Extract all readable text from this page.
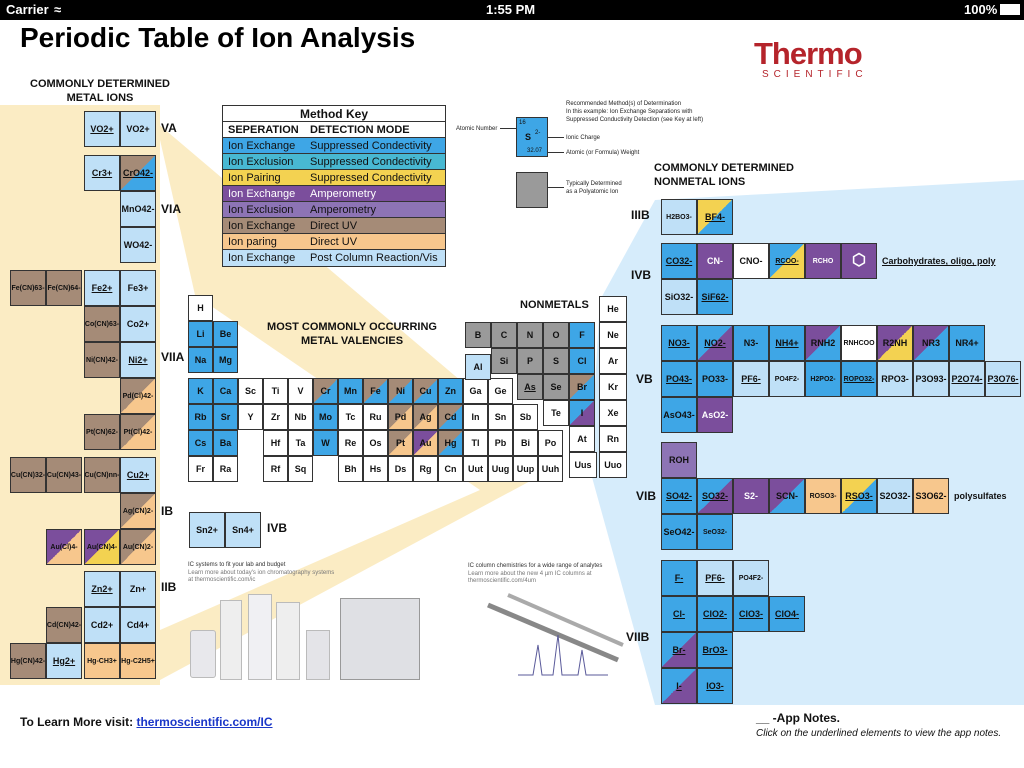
Carrier ≈	1:55 PM	100%
Periodic Table of Ion Analysis	Thermo
SCIENTIFIC
COMMONLY DETERMINED
METAL IONS
COMMONLY DETERMINED
NONMETAL IONS
NONMETALS
MOST COMMONLY OCCURRING
METAL VALENCIES
Method Key
SEPERATION	DETECTION MODE
Ion Exchange	Suppressed Condectivity
Ion Exclusion	Suppressed Condectivity
Ion Pairing	Suppressed Condectivity
Ion Exchange	Amperometry
Ion Exclusion	Amperometry
Ion Exchange	Direct UV
Ion paring	Direct UV
Ion Exchange	Post Column Reaction/Vis
16
S 2-
32.07
Recommended Method(s) of Determination
In this example: Ion Exchange Separations with
Suppressed Conductivity Detection (see Key at left)
Atomic Number
Ionic Charge
Atomic (or Formula) Weight
Typically Determined
as a Polyatomic Ion
VA
VIA
VIIA
IB
IIB
IVB
IIIB
IVB
VB
VIB
VIIB
VO2+ VO2+
Cr3+ CrO42-
MnO42-
WO42-
Fe(CN)63- Fe(CN)64- Fe2+ Fe3+
Co(CN)63- Co2+
Ni(CN)42- Ni2+
Pd(Cl)42-
Pt(CN)62- Pt(Cl)42-
Cu(CN)32- Cu(CN)43- Cu(CN)nn- Cu2+
Ag(CN)2-
Au(Cl)4- Au(CN)4- Au(CN)2-
Zn2+ Zn+
Cd(CN)42- Cd2+ Cd4+
Hg(CN)42- Hg2+ Hg-CH3+ Hg-C2H5+
Sn2+ Sn4+
H
Li Be
Na Mg
K Ca Sc Ti V Cr Mn Fe Ni Cu Zn Ga Ge
Rb Sr Y Zr Nb Mo Tc Ru Pd Ag Cd In Sn Sb
Cs Ba	Hf Ta W Re Os Pt Au Hg Tl Pb Bi Po
Fr Ra	Rf Sq	Bh Hs Ds Rg Cn Uut Uug Uup Uuh
B C N O F
Si P S Cl
As Se Br
Te I
At
Al
He
Ne
Ar
Kr
Xe
Rn
Uuo
Uus
H2BO3- BF4-
CO32- CN- CNO- RCOO- RCHO ⬡ Carbohydrates, oligo, poly
SiO32- SiF62-
NO3- NO2- N3- NH4+ RNH2 RNHCOO R2NH NR3 NR4+
PO43- PO33- PF6- PO4F2- H2PO2- ROPO32- RPO3- P3O93- P2O74- P3O76-
AsO43- AsO2-
ROH
SO42- SO32- S2- SCN- ROSO3- RSO3- S2O32- S3O62- polysulfates
SeO42- SeO32-
F- PF6- PO4F2-
Cl- ClO2- ClO3- ClO4-
Br- BrO3-
I-	IO3-
IC systems to fit your lab and budget
Learn more about today's ion chromatography systems
at thermoscientific.com/ic
IC column chemistries for a wide range of analytes
Learn more about the new 4 µm IC columns at
thermoscientific.com/4um
To Learn More visit: thermoscientific.com/IC	__ -App Notes.
Click on the underlined elements to view the app notes.
